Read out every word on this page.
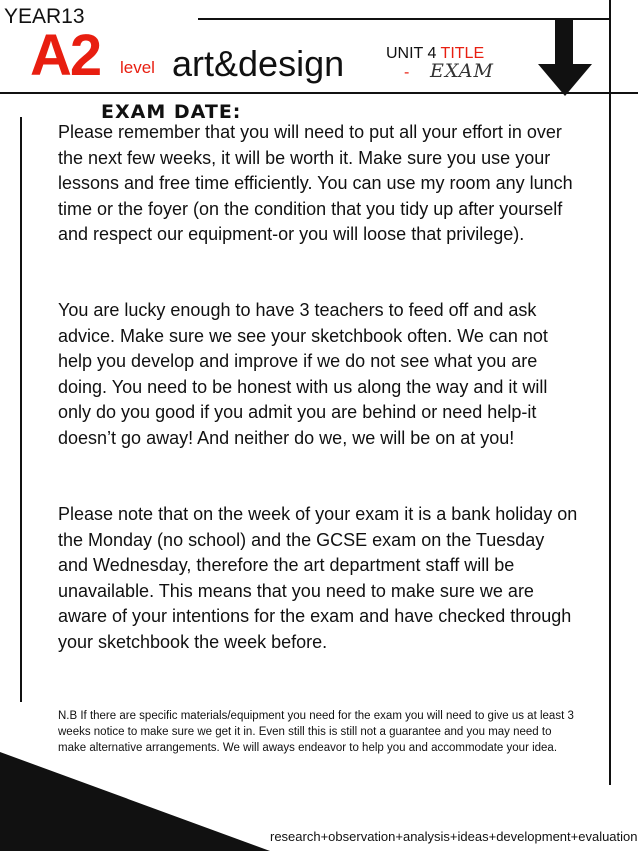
YEAR13
A2 level art&design	UNIT 4 TITLE
- EXAM
EXAM DATE:

Please remember that you will need to put all your effort in over the next few weeks, it will be worth it. Make sure you use your lessons and free time efficiently. You can use my room any lunch time or the foyer (on the condition that you tidy up after yourself and respect our equipment-or you will loose that privilege).

You are lucky enough to have 3 teachers to feed off and ask advice. Make sure we see your sketchbook often. We can not help you develop and improve if we do not see what you are doing. You need to be honest with us along the way and it will only do you good if you admit you are behind or need help-it doesn’t go away! And neither do we, we will be on at you!

Please note that on the week of your exam it is a bank holiday on the Monday (no school) and the GCSE exam on the Tuesday and Wednesday, therefore the art department staff will be unavailable. This means that you need to make sure we are aware of your intentions for the exam and have checked through your sketchbook the week before.

N.B If there are specific materials/equipment you need for the exam you will need to give us at least 3 weeks notice to make sure we get it in. Even still this is still not a guarantee and you may need to make alternative arrangements. We will aways endeavor to help you and accommodate your idea.

research+observation+analysis+ideas+development+evaluation
